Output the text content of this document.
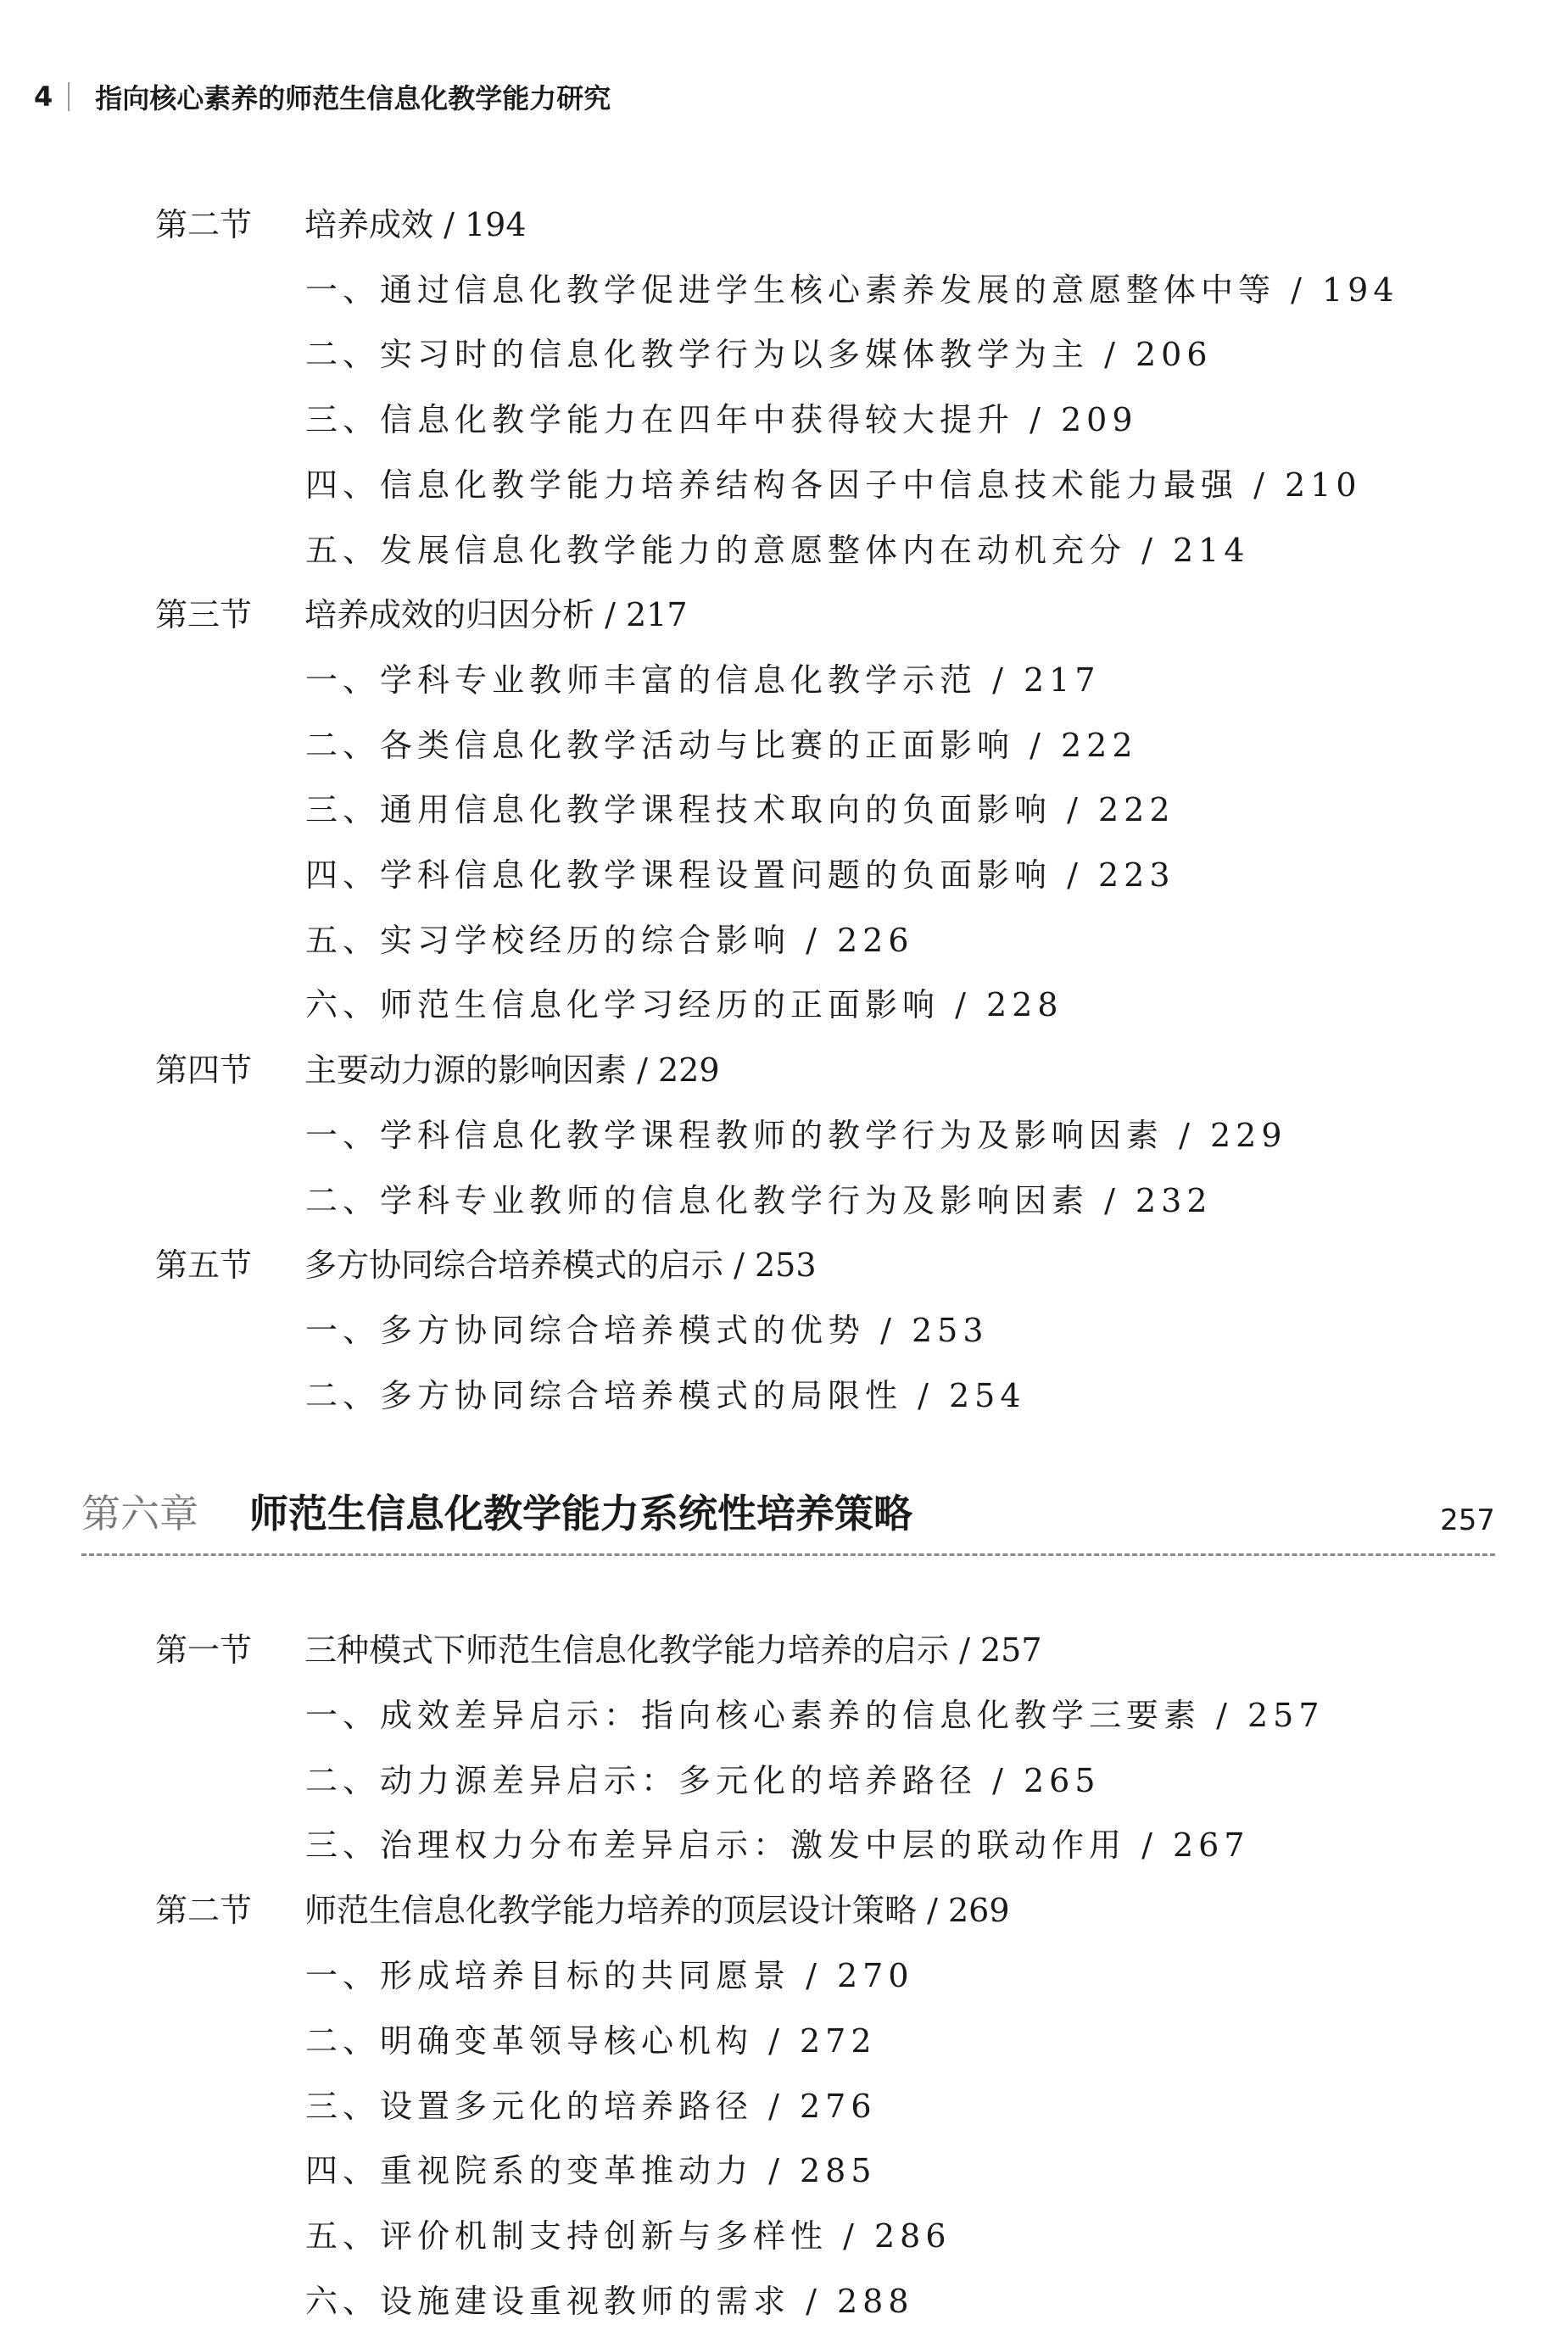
4 指向核心素养的师范生信息化教学能力研究
第二节 培养成效 / 194
一、通过信息化教学促进学生核心素养发展的意愿整体中等 / 194
二、实习时的信息化教学行为以多媒体教学为主 / 206
三、信息化教学能力在四年中获得较大提升 / 209
四、信息化教学能力培养结构各因子中信息技术能力最强 / 210
五、发展信息化教学能力的意愿整体内在动机充分 / 214
第三节 培养成效的归因分析 / 217
一、学科专业教师丰富的信息化教学示范 / 217
二、各类信息化教学活动与比赛的正面影响 / 222
三、通用信息化教学课程技术取向的负面影响 / 222
四、学科信息化教学课程设置问题的负面影响 / 223
五、实习学校经历的综合影响 / 226
六、师范生信息化学习经历的正面影响 / 228
第四节 主要动力源的影响因素 / 229
一、学科信息化教学课程教师的教学行为及影响因素 / 229
二、学科专业教师的信息化教学行为及影响因素 / 232
第五节 多方协同综合培养模式的启示 / 253
一、多方协同综合培养模式的优势 / 253
二、多方协同综合培养模式的局限性 / 254
第六章 师范生信息化教学能力系统性培养策略	257
第一节 三种模式下师范生信息化教学能力培养的启示 / 257
一、成效差异启示：指向核心素养的信息化教学三要素 / 257
二、动力源差异启示：多元化的培养路径 / 265
三、治理权力分布差异启示：激发中层的联动作用 / 267
第二节 师范生信息化教学能力培养的顶层设计策略 / 269
一、形成培养目标的共同愿景 / 270
二、明确变革领导核心机构 / 272
三、设置多元化的培养路径 / 276
四、重视院系的变革推动力 / 285
五、评价机制支持创新与多样性 / 286
六、设施建设重视教师的需求 / 288
